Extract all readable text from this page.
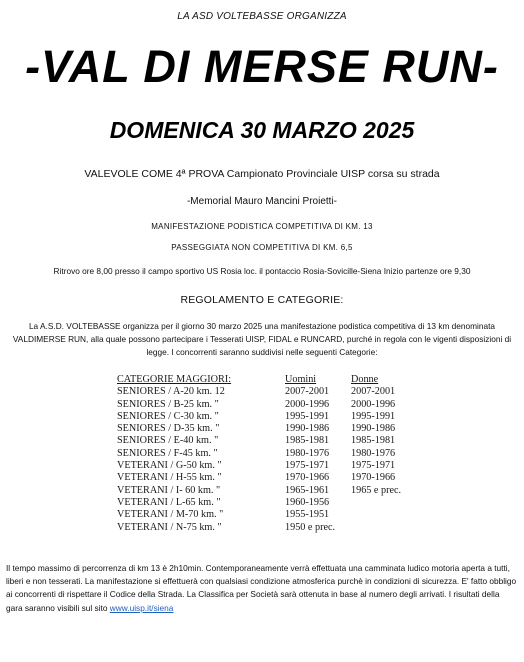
LA ASD VOLTEBASSE ORGANIZZA
-VAL DI MERSE RUN-
DOMENICA 30 MARZO 2025
VALEVOLE COME 4ª PROVA Campionato Provinciale UISP corsa su strada
-Memorial Mauro Mancini Proietti-
MANIFESTAZIONE PODISTICA COMPETITIVA DI KM. 13
PASSEGGIATA NON COMPETITIVA DI KM. 6,5
Ritrovo ore 8,00 presso il campo sportivo US Rosia loc. il pontaccio Rosia-Sovicille-Siena Inizio partenze ore 9,30
REGOLAMENTO E CATEGORIE:
La A.S.D. VOLTEBASSE organizza per il giorno 30 marzo 2025 una manifestazione podistica competitiva di 13 km denominata VALDIMERSE RUN, alla quale possono partecipare i Tesserati UISP, FIDAL e RUNCARD, purché in regola con le vigenti disposizioni di legge. I concorrenti saranno suddivisi nelle seguenti Categorie:
CATEGORIE MAGGIORI:	Uomini	Donne
SENIORES / A-20 km. 12	2007-2001 2007-2001
SENIORES / B-25 km. "	2000-1996 2000-1996
SENIORES / C-30 km. "	1995-1991 1995-1991
SENIORES / D-35 km. "	1990-1986 1990-1986
SENIORES / E-40 km. "	1985-1981 1985-1981
SENIORES / F-45 km. "	1980-1976 1980-1976
VETERANI / G-50 km. "	1975-1971 1975-1971
VETERANI / H-55 km. "	1970-1966 1970-1966
VETERANI / I- 60 km. "	1965-1961 1965 e prec.
VETERANI / L-65 km. "	1960-1956
VETERANI / M-70 km. "	1955-1951
VETERANI / N-75 km. "	1950 e prec.
Il tempo massimo di percorrenza di km 13 è 2h10min. Contemporaneamente verrà effettuata una camminata ludico motoria aperta a tutti, liberi e non tesserati. La manifestazione si effettuerà con qualsiasi condizione atmosferica purchè in condizioni di sicurezza. E' fatto obbligo ai concorrenti di rispettare il Codice della Strada. La Classifica per Società sarà ottenuta in base al numero degli arrivati. I risultati della gara saranno visibili sul sito www.uisp.it/siena
